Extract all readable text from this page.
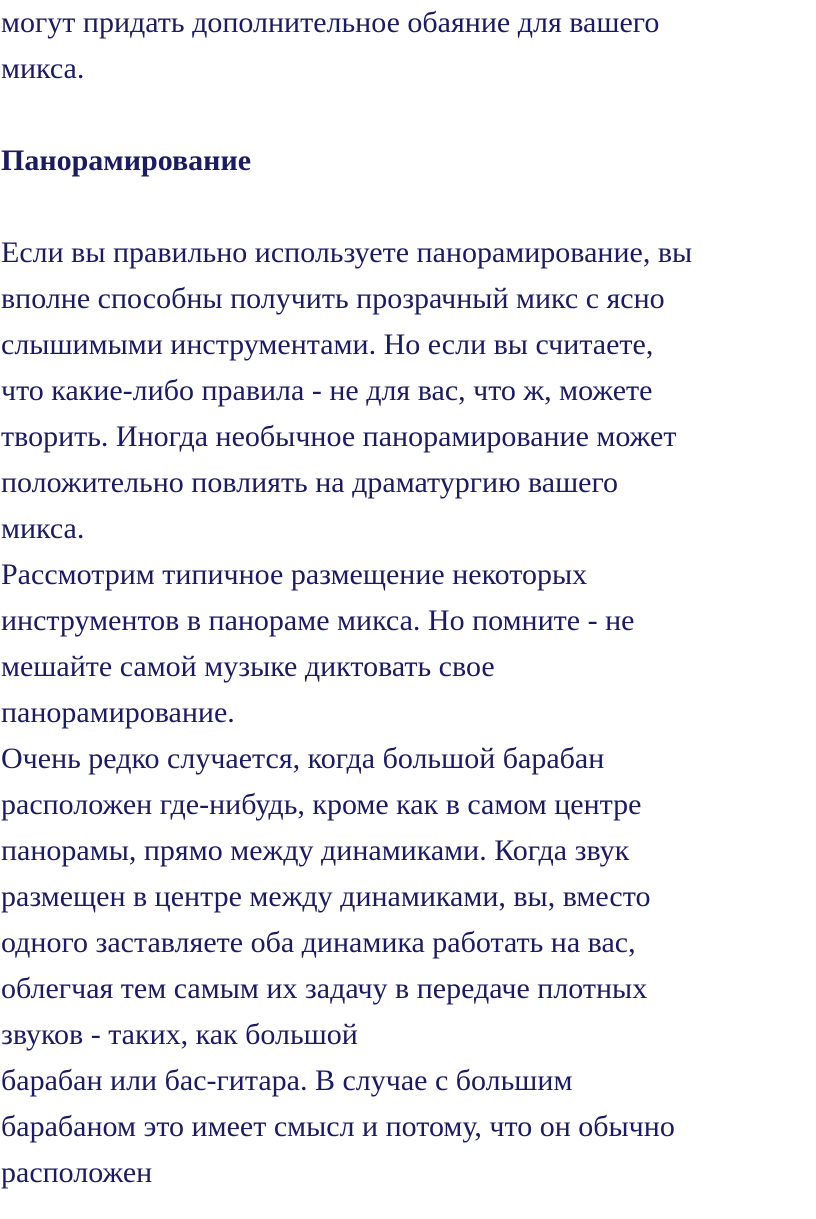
могут придать дополнительное обаяние для вашего
микса.
Панорамирование
Если вы правильно используете панорамирование, вы
вполне способны получить прозрачный микс с ясно
слышимыми инструментами. Но если вы считаете,
что какие-либо правила - не для вас, что ж, можете
творить. Иногда необычное панорамирование может
положительно повлиять на драматургию вашего
микса.
Рассмотрим типичное размещение некоторых
инструментов в панораме микса. Но помните - не
мешайте самой музыке диктовать свое
панорамирование.
Очень редко случается, когда большой барабан
расположен где-нибудь, кроме как в самом центре
панорамы, прямо между динамиками. Когда звук
размещен в центре между динамиками, вы, вместо
одного заставляете оба динамика работать на вас,
облегчая тем самым их задачу в передаче плотных
звуков - таких, как большой
барабан или бас-гитара. В случае с большим
барабаном это имеет смысл и потому, что он обычно
расположен
